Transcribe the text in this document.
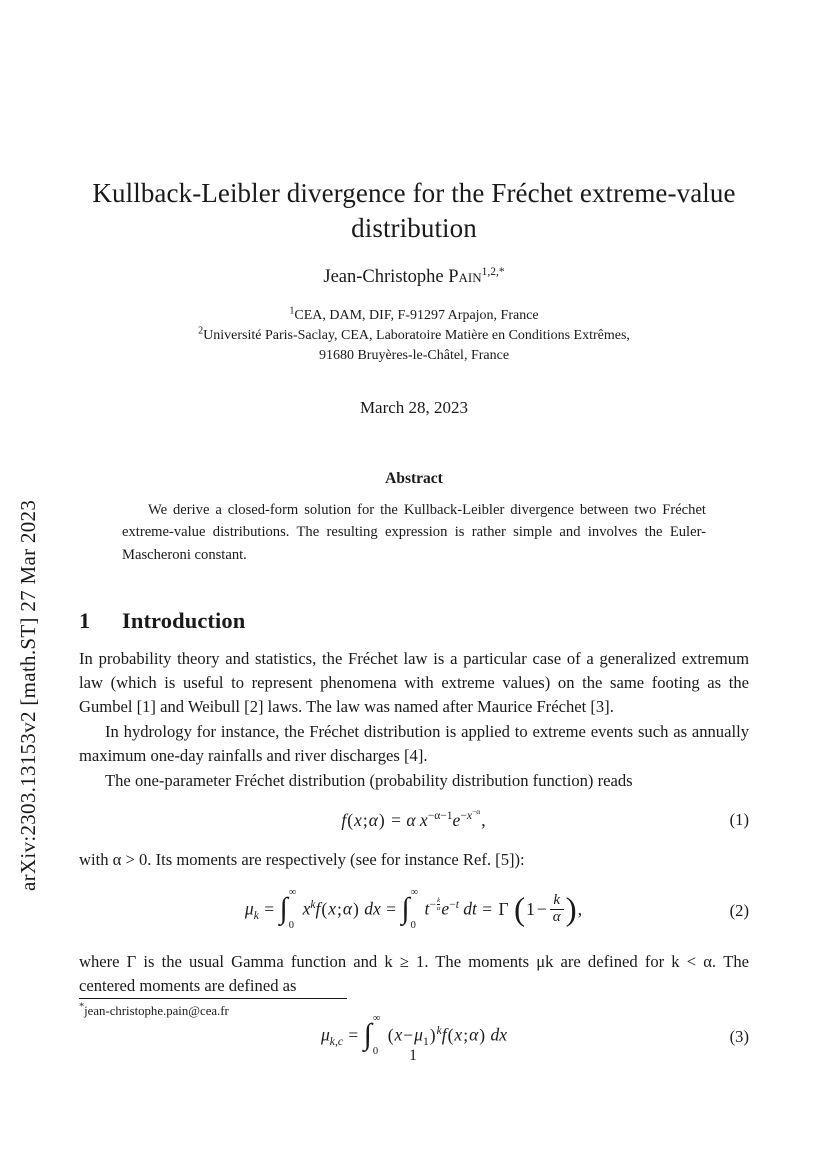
arXiv:2303.13153v2 [math.ST] 27 Mar 2023
Kullback-Leibler divergence for the Fréchet extreme-value distribution
Jean-Christophe Pain$^{1,2,*}$
$^1$CEA, DAM, DIF, F-91297 Arpajon, France
$^2$Université Paris-Saclay, CEA, Laboratoire Matière en Conditions Extrêmes,
91680 Bruyères-le-Châtel, France
March 28, 2023
Abstract
We derive a closed-form solution for the Kullback-Leibler divergence between two Fréchet extreme-value distributions. The resulting expression is rather simple and involves the Euler-Mascheroni constant.
1 Introduction
In probability theory and statistics, the Fréchet law is a particular case of a generalized extremum law (which is useful to represent phenomena with extreme values) on the same footing as the Gumbel [1] and Weibull [2] laws. The law was named after Maurice Fréchet [3].
In hydrology for instance, the Fréchet distribution is applied to extreme events such as annually maximum one-day rainfalls and river discharges [4].
The one-parameter Fréchet distribution (probability distribution function) reads
f(x;α) = α $x^{-\alpha-1}e^{-x^{-\alpha}}$,	(1)
with α > 0. Its moments are respectively (see for instance Ref. [5]):
$\mu_k$ = ∫ ∞
0
$x^kf(x;\alpha)$ dx = ∫ ∞
0
$t^{- \frac{k}{\alpha}}$ $e^{-t}$ dt = Γ ($1 - \frac{k}{\alpha}$ ),	(2)
where Γ is the usual Gamma function and k ≥ 1. The moments μk are defined for k < α. The centered moments are defined as
$\mu_{k,c}$ = ∫ ∞
0
$(x-\mu_1)^kf(x;\alpha)$ dx	(3)
*jean-christophe.pain@cea.fr
1
